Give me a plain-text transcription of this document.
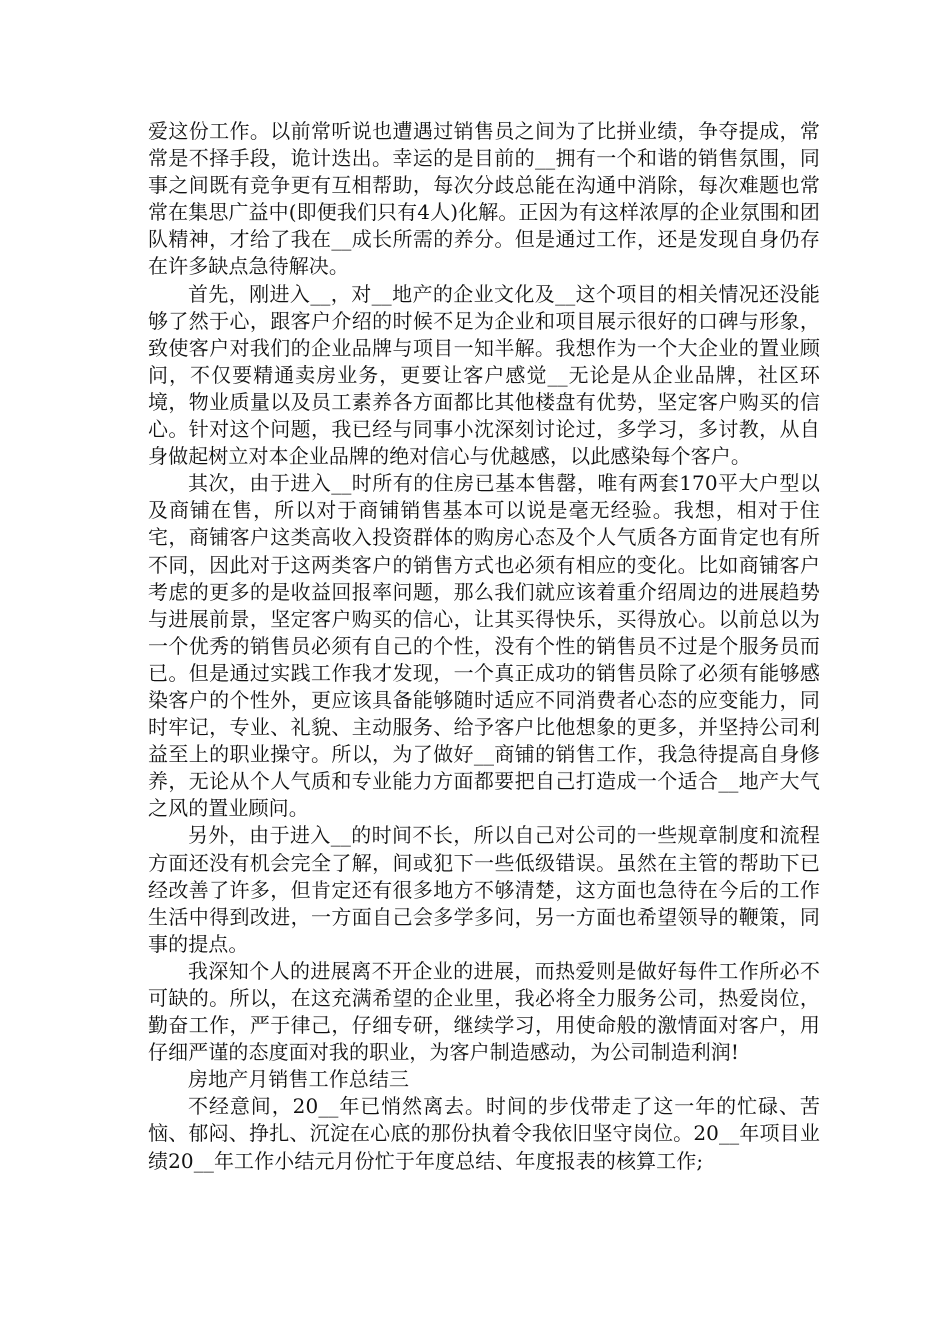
爱这份工作。以前常听说也遭遇过销售员之间为了比拼业绩，争夺提成，常常是不择手段，诡计迭出。幸运的是目前的__拥有一个和谐的销售氛围，同事之间既有竞争更有互相帮助，每次分歧总能在沟通中消除，每次难题也常常在集思广益中(即便我们只有4人)化解。正因为有这样浓厚的企业氛围和团队精神，才给了我在__成长所需的养分。但是通过工作，还是发现自身仍存在许多缺点急待解决。

首先，刚进入__，对__地产的企业文化及__这个项目的相关情况还没能够了然于心，跟客户介绍的时候不足为企业和项目展示很好的口碑与形象，致使客户对我们的企业品牌与项目一知半解。我想作为一个大企业的置业顾问，不仅要精通卖房业务，更要让客户感觉__无论是从企业品牌，社区环境，物业质量以及员工素养各方面都比其他楼盘有优势，坚定客户购买的信心。针对这个问题，我已经与同事小沈深刻讨论过，多学习，多讨教，从自身做起树立对本企业品牌的绝对信心与优越感，以此感染每个客户。

其次，由于进入__时所有的住房已基本售罄，唯有两套170平大户型以及商铺在售，所以对于商铺销售基本可以说是毫无经验。我想，相对于住宅，商铺客户这类高收入投资群体的购房心态及个人气质各方面肯定也有所不同，因此对于这两类客户的销售方式也必须有相应的变化。比如商铺客户考虑的更多的是收益回报率问题，那么我们就应该着重介绍周边的进展趋势与进展前景，坚定客户购买的信心，让其买得快乐，买得放心。以前总以为一个优秀的销售员必须有自己的个性，没有个性的销售员不过是个服务员而已。但是通过实践工作我才发现，一个真正成功的销售员除了必须有能够感染客户的个性外，更应该具备能够随时适应不同消费者心态的应变能力，同时牢记，专业、礼貌、主动服务、给予客户比他想象的更多，并坚持公司利益至上的职业操守。所以，为了做好__商铺的销售工作，我急待提高自身修养，无论从个人气质和专业能力方面都要把自己打造成一个适合__地产大气之风的置业顾问。

另外，由于进入__的时间不长，所以自己对公司的一些规章制度和流程方面还没有机会完全了解，间或犯下一些低级错误。虽然在主管的帮助下已经改善了许多，但肯定还有很多地方不够清楚，这方面也急待在今后的工作生活中得到改进，一方面自己会多学多问，另一方面也希望领导的鞭策，同事的提点。

我深知个人的进展离不开企业的进展，而热爱则是做好每件工作所必不可缺的。所以，在这充满希望的企业里，我必将全力服务公司，热爱岗位，勤奋工作，严于律己，仔细专研，继续学习，用使命般的激情面对客户，用仔细严谨的态度面对我的职业，为客户制造感动，为公司制造利润!

房地产月销售工作总结三

不经意间，20__年已悄然离去。时间的步伐带走了这一年的忙碌、苦恼、郁闷、挣扎、沉淀在心底的那份执着令我依旧坚守岗位。20__年项目业绩20__年工作小结元月份忙于年度总结、年度报表的核算工作;
